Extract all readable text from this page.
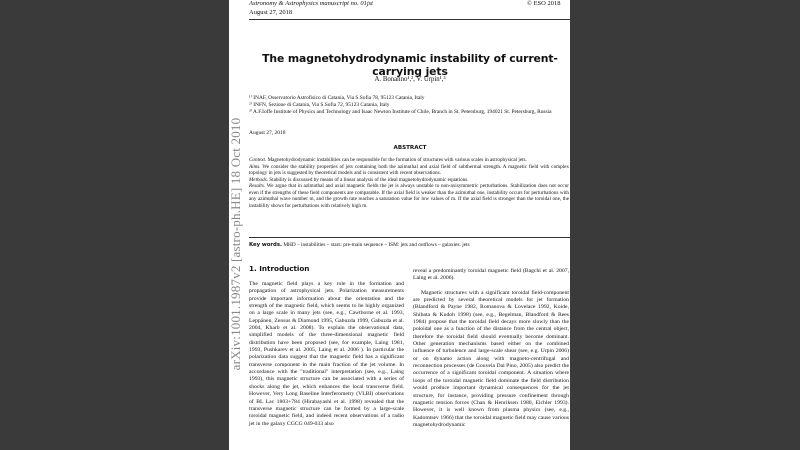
arXiv:1001.1987v2 [astro-ph.HE] 18 Oct 2010
Astronomy & Astrophysics manuscript no. 01jst
August 27, 2018
© ESO 2018
The magnetohydrodynamic instability of current-carrying jets
A. Bonanno¹,², V. Urpin¹,³
¹⁾ INAF, Osservatorio Astrofisico di Catania, Via S.Sofia 78, 95123 Catania, Italy
²⁾ INFN, Sezione di Catania, Via S.Sofia 72, 95123 Catania, Italy
³⁾ A.F.Ioffe Institute of Physics and Technology and Isaac Newton Institute of Chile, Branch in St. Petersburg, 194021 St. Petersburg, Russia
August 27, 2018
ABSTRACT

Context. Magnetohydrodynamic instabilities can be responsible for the formation of structures with various scales in astrophysical jets.

Aims. We consider the stability properties of jets containing both the azimuthal and axial field of subthermal strength. A magnetic field with complex topology in jets is suggested by theoretical models and is consistent with recent observations.

Methods. Stability is discussed by means of a linear analysis of the ideal magnetohydrodynamic equations.

Results. We argue that in azimuthal and axial magnetic fields the jet is always unstable to non-axisymmetric perturbations. Stabilization does not occur even if the strengths of these field components are comparable. If the axial field is weaker than the azimuthal one, instability occurs for perturbations with any azimuthal wave number m, and the growth rate reaches a saturation value for low values of m. If the axial field is stronger than the toroidal one, the instability shows for perturbations with relatively high m.

Key words. MHD – instabilities – stars: pre-main sequence – ISM: jets and outflows – galaxies: jets
1. Introduction

The magnetic field plays a key role in the formation and propagation of astrophysical jets. Polarization measurements provide important information about the orientation and the strength of the magnetic field, which seems to be highly organized on a large scale in many jets (see, e.g., Cawthorne et al. 1993, Leppänen, Zensus & Diamond 1995, Gabuzda 1999, Gabuzda et al. 2004, Kharb et al. 2008). To explain the observational data, simplified models of the three-dimensional magnetic field distribution have been proposed (see, for example, Laing 1981, 1993, Pushkarev et al. 2005, Laing et al. 2006 ). In particular the polarization data suggest that the magnetic field has a significant transverse component in the main fraction of the jet volume. In accordance with the "traditional" interpretation (see, e.g., Laing 1993), this magnetic structure can be associated with a series of shocks along the jet, which enhances the local transverse field. However, Very Long Baseline Interferometry (VLBI) observations of BL Lac 1803+784 (Hirabayashi et al. 1998) revealed that the transverse magnetic structure can be formed by a large-scale toroidal magnetic field, and indeed recent observations of a radio jet in the galaxy CGCG 049-033 also

reveal a predominantly toroidal magnetic field (Bagchi et al. 2007, Laing et al. 2006).

Magnetic structures with a significant toroidal field-component are predicted by several theoretical models for jet formation (Blandford & Payne 1982, Romanova & Lovelace 1992, Koide, Shibata & Kudoh 1998) (see, e.g., Begelman, Blandford & Rees 1984) propose that the toroidal field decays more slowly than the poloidal one as a function of the distance from the central object, therefore the toroidal field should eventually become dominant. Other generation mechanisms based either on the combined influence of turbulence and large-scale shear (see, e.g. Urpin 2006) or on dynamo action along with magneto-centrifugal and reconnection processes (de Gouveia Dal Pino, 2005) also predict the occurrence of a significant toroidal component. A situation where loops of the toroidal magnetic field dominate the field distribution would produce important dynamical consequences for the jet structure, for instance, providing pressure confinement through magnetic tension forces (Chan & Henriksen 1980, Eichler 1993). However, it is well known from plasma physics (see, e.g., Kadomtsev 1966) that the toroidal magnetic field may cause various magnetohydrodynamic
